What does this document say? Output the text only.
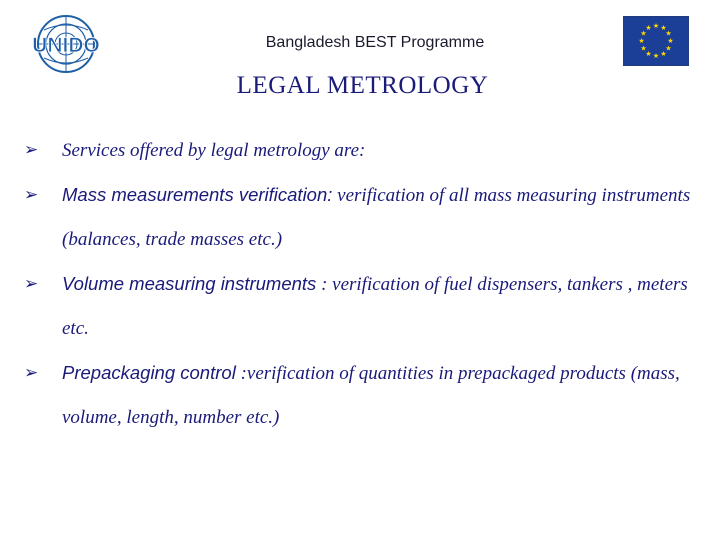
UNIDO	Bangladesh BEST Programme
★ ★
★
★
★
★
★
★
★
★
★
★
LEGAL METROLOGY
➢ Services offered by legal metrology are:
➢ Mass measurements verification: verification of all mass measuring instruments (balances, trade masses etc.)
➢ Volume measuring instruments : verification of fuel dispensers, tankers , meters etc.
➢ Prepackaging control :verification of quantities in prepackaged products (mass, volume, length, number etc.)
